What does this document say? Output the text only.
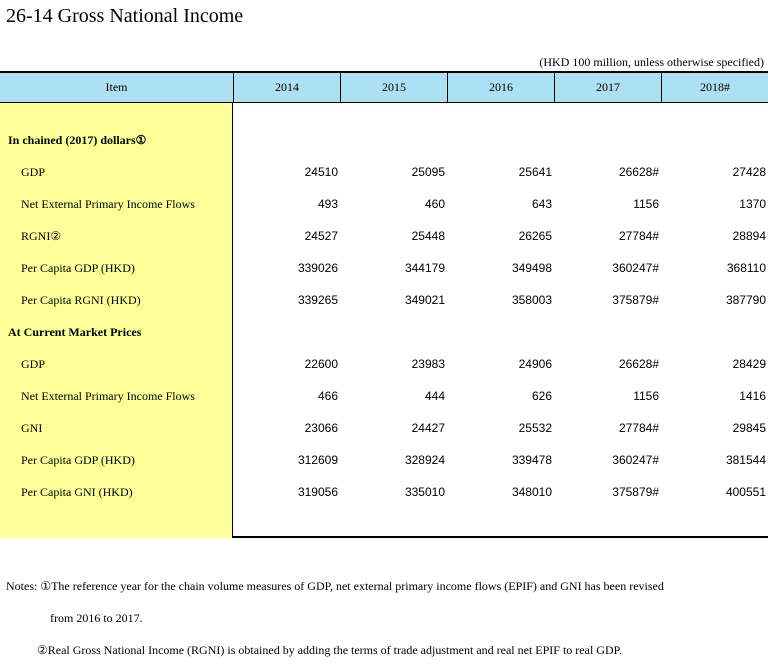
26-14 Gross National Income
(HKD 100 million, unless otherwise specified)
Item	2014	2015	2016	2017	2018#
In chained (2017) dollars①
GDP	24510	25095	25641	26628#	27428
Net External Primary Income Flows	493	460	643	1156	1370
RGNI②	24527	25448	26265	27784#	28894
Per Capita GDP (HKD)	339026	344179	349498	360247#	368110
Per Capita RGNI (HKD)	339265	349021	358003	375879#	387790
At Current Market Prices
GDP	22600	23983	24906	26628#	28429
Net External Primary Income Flows	466	444	626	1156	1416
GNI	23066	24427	25532	27784#	29845
Per Capita GDP (HKD)	312609	328924	339478	360247#	381544
Per Capita GNI (HKD)	319056	335010	348010	375879#	400551
Notes: ①The reference year for the chain volume measures of GDP, net external primary income flows (EPIF) and GNI has been revised
from 2016 to 2017.
②Real Gross National Income (RGNI) is obtained by adding the terms of trade adjustment and real net EPIF to real GDP.
